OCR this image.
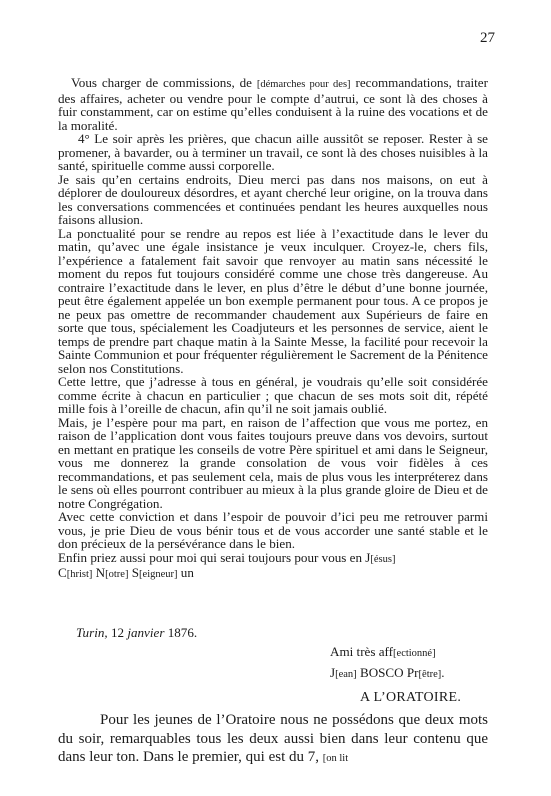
27

Vous charger de commissions, de [démarches pour des] recommandations, traiter des affaires, acheter ou vendre pour le compte d’autrui, ce sont là des choses à fuir constamment, car on estime qu’elles conduisent à la ruine des vocations et de la moralité.

4° Le soir après les prières, que chacun aille aussitôt se reposer. Rester à se promener, à bavarder, ou à terminer un travail, ce sont là des choses nuisibles à la santé, spirituelle comme aussi corporelle.

Je sais qu’en certains endroits, Dieu merci pas dans nos maisons, on eut à déplorer de douloureux désordres, et ayant cherché leur origine, on la trouva dans les conversations commencées et continuées pendant les heures auxquelles nous faisons allusion.

La ponctualité pour se rendre au repos est liée à l’exactitude dans le lever du matin, qu’avec une égale insistance je veux inculquer. Croyez-le, chers fils, l’expérience a fatalement fait savoir que renvoyer au matin sans nécessité le moment du repos fut toujours considéré comme une chose très dangereuse. Au contraire l’exactitude dans le lever, en plus d’être le début d’une bonne journée, peut être également appelée un bon exemple permanent pour tous. A ce propos je ne peux pas omettre de recommander chaudement aux Supérieurs de faire en sorte que tous, spécialement les Coadjuteurs et les personnes de service, aient le temps de prendre part chaque matin à la Sainte Messe, la facilité pour recevoir la Sainte Communion et pour fréquenter régulièrement le Sacrement de la Pénitence selon nos Constitutions.

Cette lettre, que j’adresse à tous en général, je voudrais qu’elle soit considérée comme écrite à chacun en particulier ; que chacun de ses mots soit dit, répété mille fois à l’oreille de chacun, afin qu’il ne soit jamais oublié.

Mais, je l’espère pour ma part, en raison de l’affection que vous me portez, en raison de l’application dont vous faites toujours preuve dans vos devoirs, surtout en mettant en pratique les conseils de votre Père spirituel et ami dans le Seigneur, vous me donnerez la grande consolation de vous voir fidèles à ces recommandations, et pas seulement cela, mais de plus vous les interpréterez dans le sens où elles pourront contribuer au mieux à la plus grande gloire de Dieu et de notre Congrégation.

Avec cette conviction et dans l’espoir de pouvoir d’ici peu me retrouver parmi vous, je prie Dieu de vous bénir tous et de vous accorder une santé stable et le don précieux de la persévérance dans le bien.

Enfin priez aussi pour moi qui serai toujours pour vous en J[ésus]
C[hrist] N[otre] S[eigneur] un

Turin, 12 janvier 1876.
Ami très aff[ectionné]
J[ean] BOSCO Pr[être].
A L’ORATOIRE.

Pour les jeunes de l’Oratoire nous ne possédons que deux mots du soir, remarquables tous les deux aussi bien dans leur contenu que dans leur ton. Dans le premier, qui est du 7, [on lit
